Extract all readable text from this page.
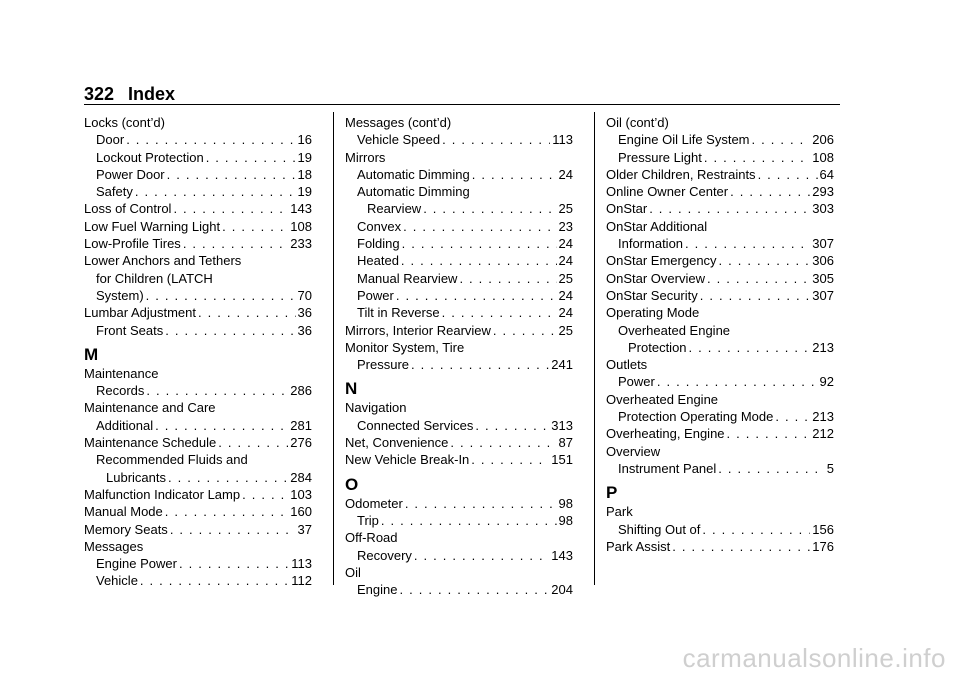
322 Index
Locks (cont’d)
Door . . .	16
Lockout Protection . . .	19
Power Door . . .	18
Safety . . .	19
Loss of Control . . .	143
Low Fuel Warning Light . . .	108
Low-Profile Tires . . .	233
Lower Anchors and Tethers
for Children (LATCH
System) . . .	70
Lumbar Adjustment . . .	36
Front Seats . . .	36
M
Maintenance
Records . . .	286
Maintenance and Care
Additional . . .	281
Maintenance Schedule . . .	276
Recommended Fluids and
Lubricants . . .	284
Malfunction Indicator Lamp . . .	103
Manual Mode . . .	160
Memory Seats . . .	37
Messages
Engine Power . . .	113
Vehicle . . .	112
Messages (cont’d)
Vehicle Speed . . .	113
Mirrors
Automatic Dimming . . .	24
Automatic Dimming
Rearview . . .	25
Convex . . .	23
Folding . . .	24
Heated . . .	24
Manual Rearview . . .	25
Power . . .	24
Tilt in Reverse . . .	24
Mirrors, Interior Rearview . . .	25
Monitor System, Tire
Pressure . . .	241
N
Navigation
Connected Services . . .	313
Net, Convenience . . .	87
New Vehicle Break-In . . .	151
O
Odometer . . .	98
Trip . . .	98
Off-Road
Recovery . . .	143
Oil
Engine . . .	204
Oil (cont’d)
Engine Oil Life System . . .	206
Pressure Light . . .	108
Older Children, Restraints . . .	64
Online Owner Center . . .	293
OnStar . . .	303
OnStar Additional
Information . . .	307
OnStar Emergency . . .	306
OnStar Overview . . .	305
OnStar Security . . .	307
Operating Mode
Overheated Engine
Protection . . .	213
Outlets
Power . . .	92
Overheated Engine
Protection Operating Mode . . .	213
Overheating, Engine . . .	212
Overview
Instrument Panel . . .	5
P
Park
Shifting Out of . . .	156
Park Assist . . .	176
carmanualsonline.info
